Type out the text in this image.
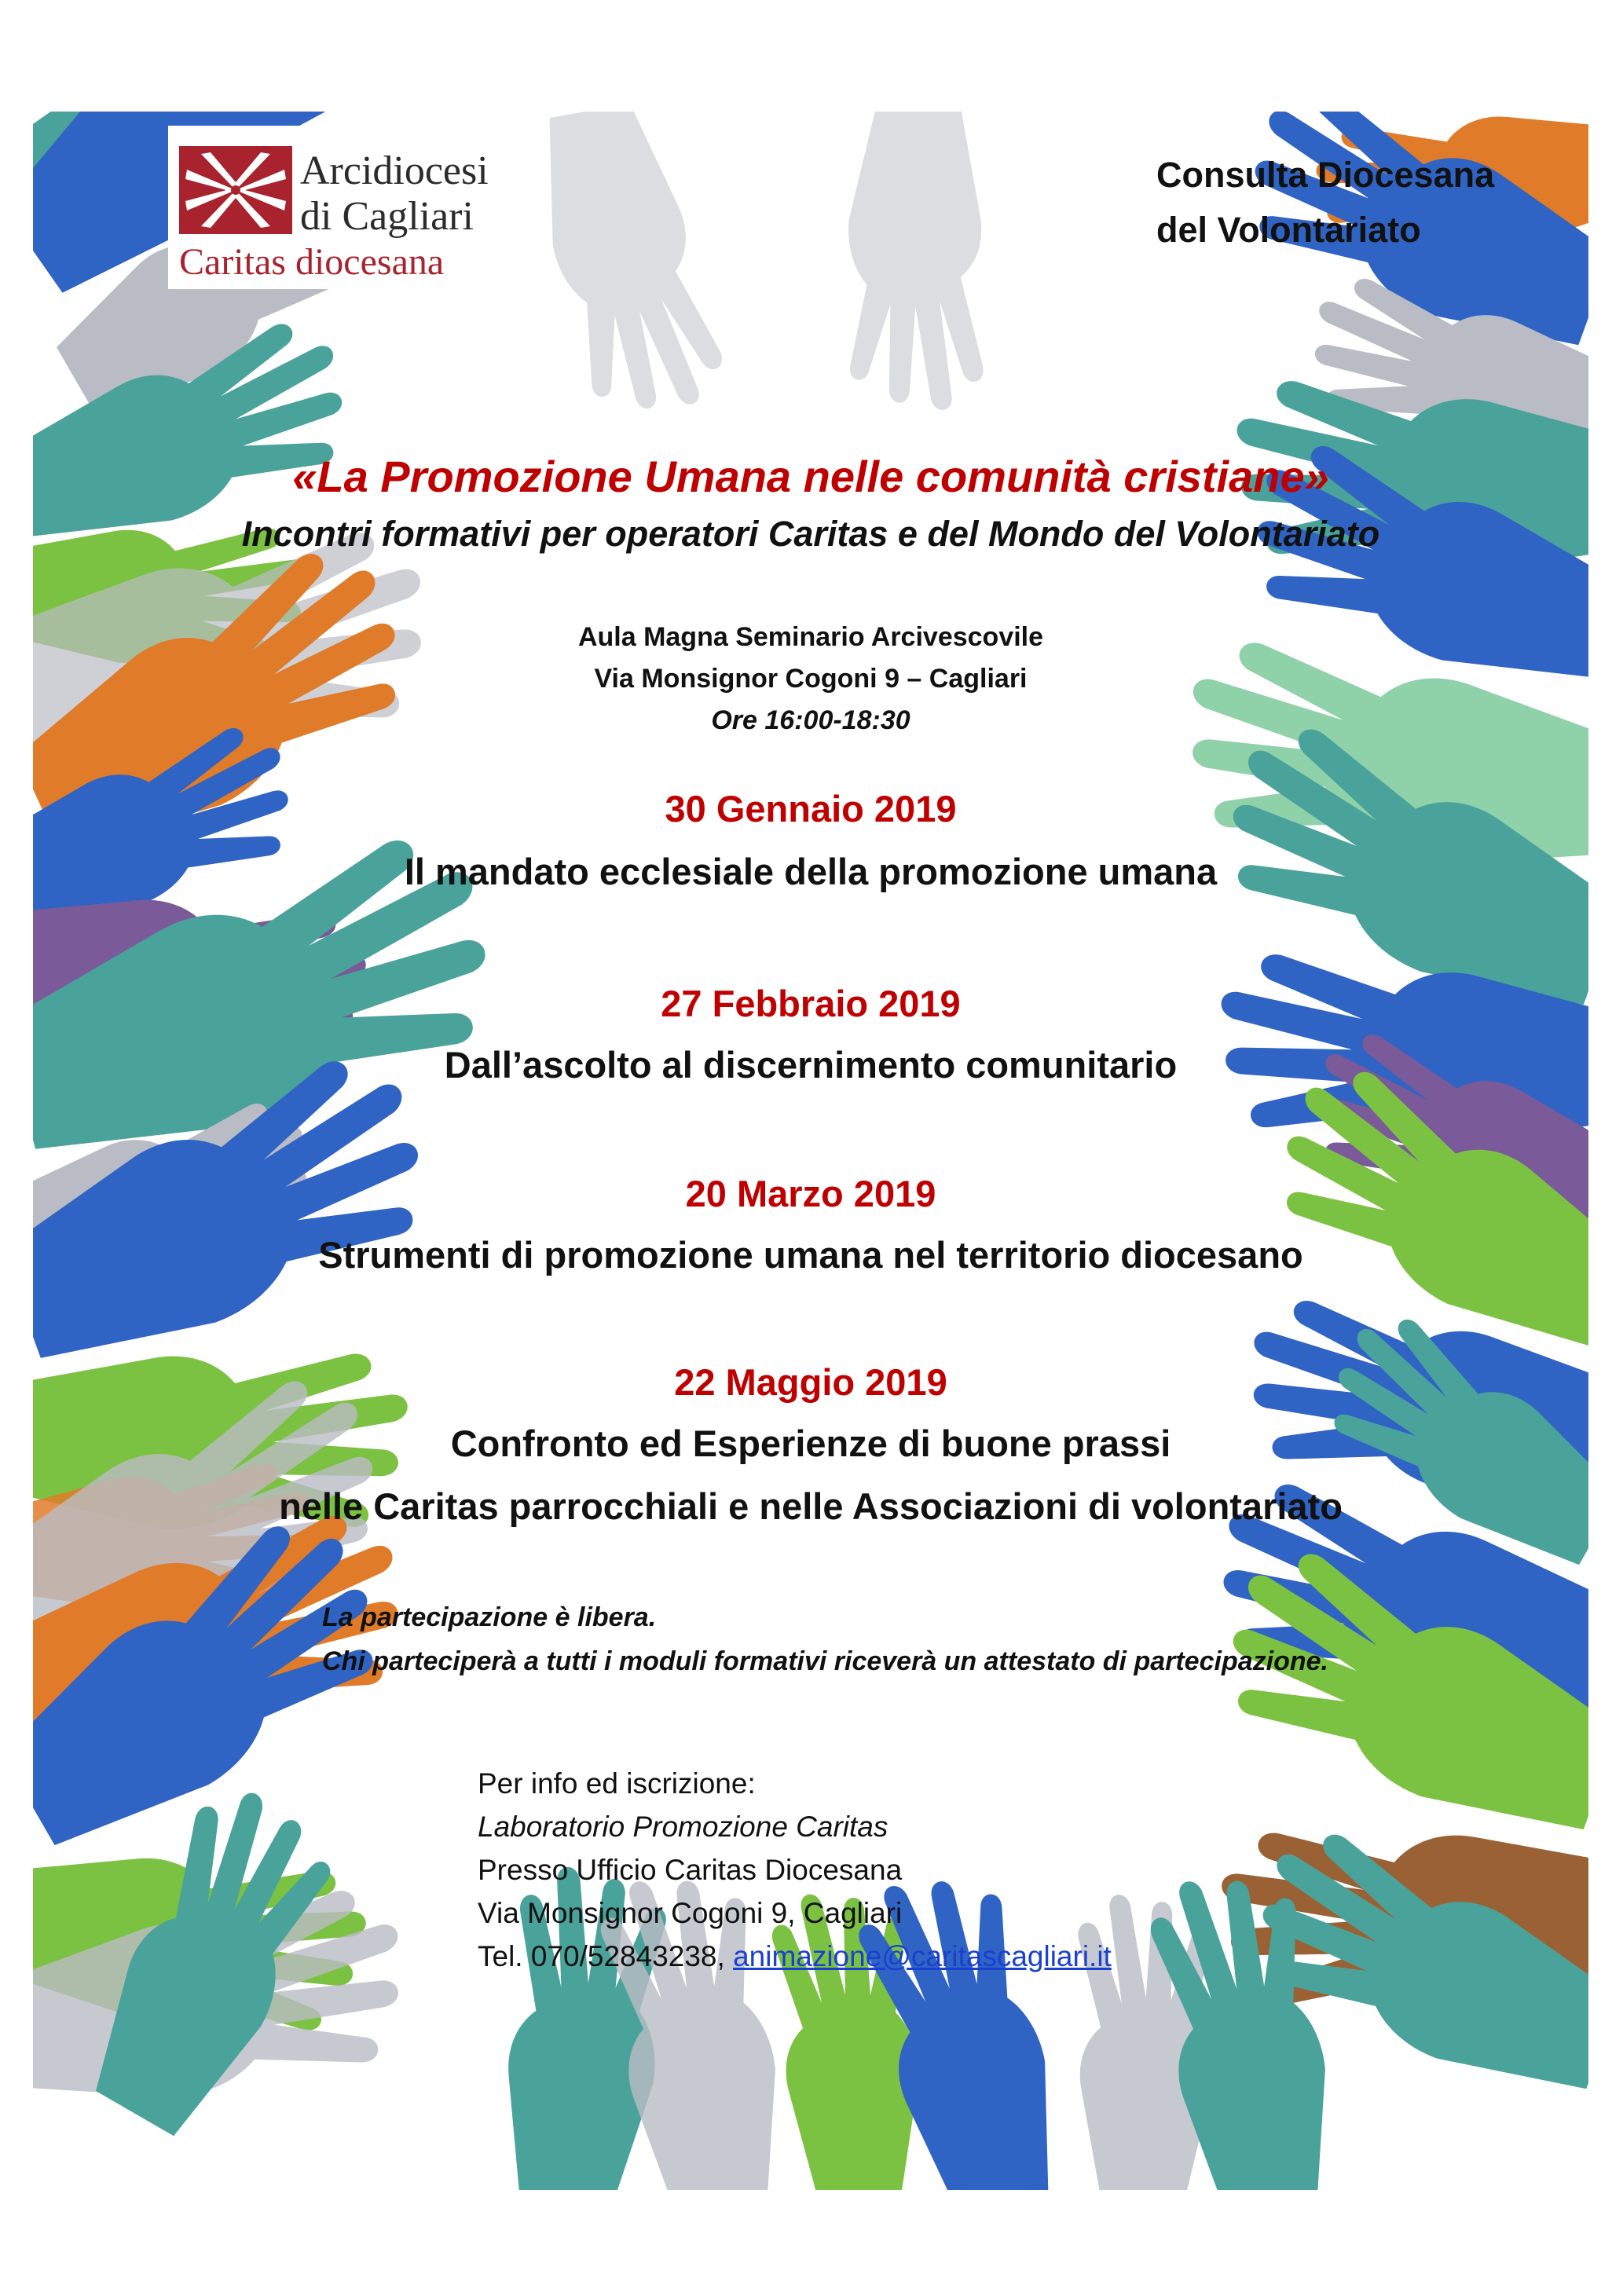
Arcidiocesi
di Cagliari
Caritas diocesana
Consulta Diocesana
del Volontariato
«La Promozione Umana nelle comunità cristiane»
Incontri formativi per operatori Caritas e del Mondo del Volontariato
Aula Magna Seminario Arcivescovile
Via Monsignor Cogoni 9 – Cagliari
Ore 16:00-18:30
30 Gennaio 2019
Il mandato ecclesiale della promozione umana
27 Febbraio 2019
Dall’ascolto al discernimento comunitario
20 Marzo 2019
Strumenti di promozione umana nel territorio diocesano
22 Maggio 2019
Confronto ed Esperienze di buone prassi
nelle Caritas parrocchiali e nelle Associazioni di volontariato
La partecipazione è libera.
Chi parteciperà a tutti i moduli formativi riceverà un attestato di partecipazione.
Per info ed iscrizione:
Laboratorio Promozione Caritas
Presso Ufficio Caritas Diocesana
Via Monsignor Cogoni 9, Cagliari
Tel. 070/52843238, animazione@caritascagliari.it
